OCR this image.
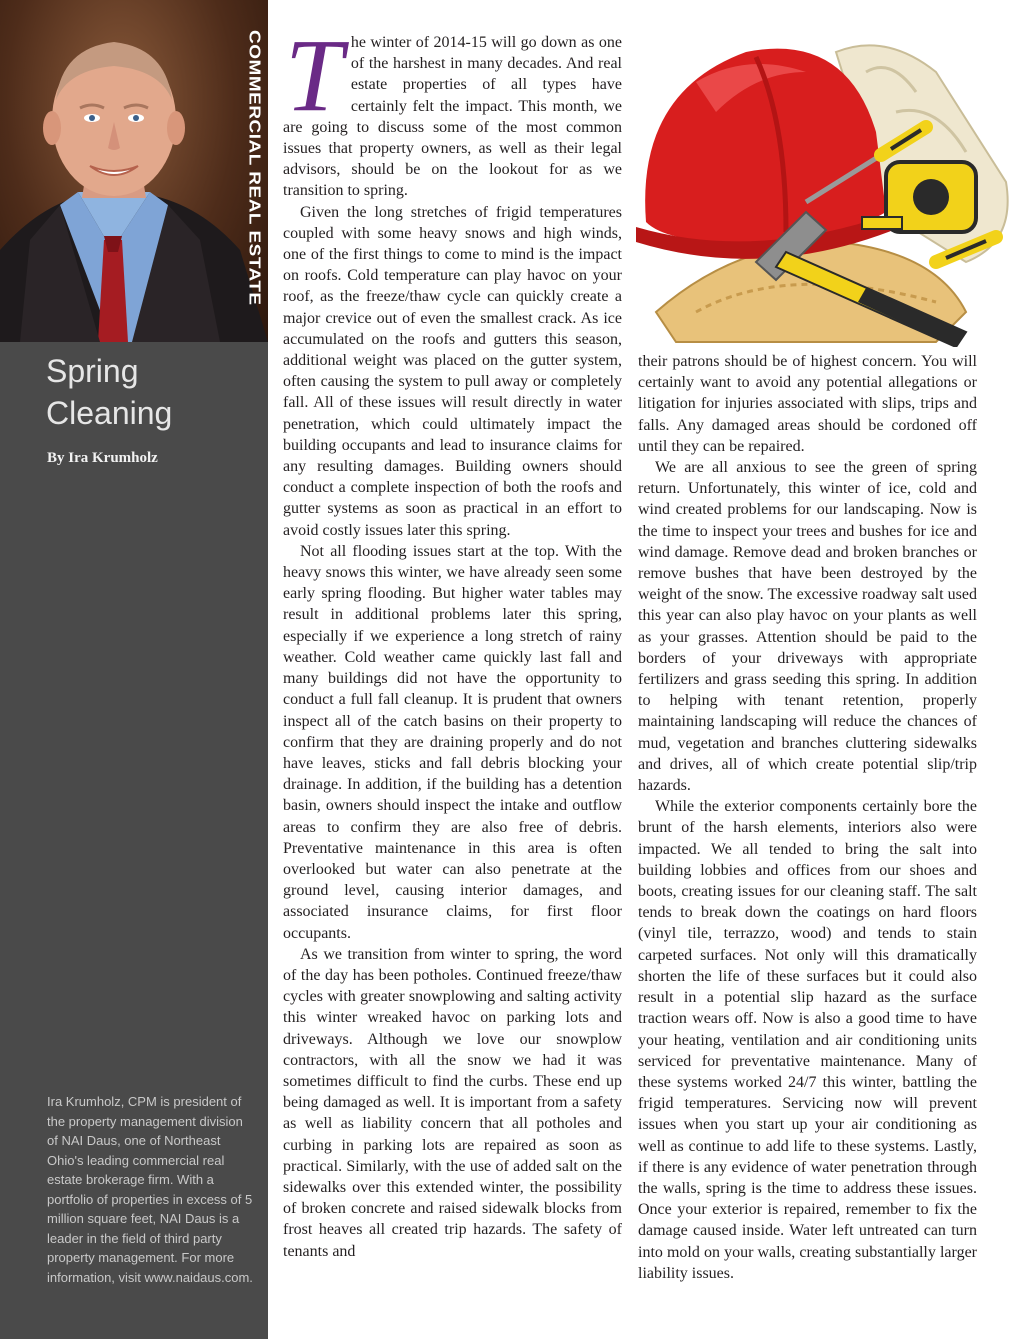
COMMERCIAL REAL ESTATE
Spring
Cleaning
By Ira Krumholz
Ira Krumholz, CPM is president of the property management division of NAI Daus, one of Northeast Ohio's leading commercial real estate brokerage firm. With a portfolio of properties in excess of 5 million square feet, NAI Daus is a leader in the field of third party property management. For more information, visit www.naidaus.com.

The winter of 2014-15 will go down as one of the harshest in many decades. And real estate properties of all types have certainly felt the impact. This month, we are going to discuss some of the most common issues that property owners, as well as their legal advisors, should be on the lookout for as we transition to spring.

Given the long stretches of frigid temperatures coupled with some heavy snows and high winds, one of the first things to come to mind is the impact on roofs. Cold temperature can play havoc on your roof, as the freeze/thaw cycle can quickly create a major crevice out of even the smallest crack. As ice accumulated on the roofs and gutters this season, additional weight was placed on the gutter system, often causing the system to pull away or completely fall. All of these issues will result directly in water penetration, which could ultimately impact the building occupants and lead to insurance claims for any resulting damages. Building owners should conduct a complete inspection of both the roofs and gutter systems as soon as practical in an effort to avoid costly issues later this spring.

Not all flooding issues start at the top. With the heavy snows this winter, we have already seen some early spring flooding. But higher water tables may result in additional problems later this spring, especially if we experience a long stretch of rainy weather. Cold weather came quickly last fall and many buildings did not have the opportunity to conduct a full fall cleanup. It is prudent that owners inspect all of the catch basins on their property to confirm that they are draining properly and do not have leaves, sticks and fall debris blocking your drainage. In addition, if the building has a detention basin, owners should inspect the intake and outflow areas to confirm they are also free of debris. Preventative maintenance in this area is often overlooked but water can also penetrate at the ground level, causing interior damages, and associated insurance claims, for first floor occupants.

As we transition from winter to spring, the word of the day has been potholes. Continued freeze/thaw cycles with greater snowplowing and salting activity this winter wreaked havoc on parking lots and driveways. Although we love our snowplow contractors, with all the snow we had it was sometimes difficult to find the curbs. These end up being damaged as well. It is important from a safety as well as liability concern that all potholes and curbing in parking lots are repaired as soon as practical. Similarly, with the use of added salt on the sidewalks over this extended winter, the possibility of broken concrete and raised sidewalk blocks from frost heaves all created trip hazards. The safety of tenants and

their patrons should be of highest concern. You will certainly want to avoid any potential allegations or litigation for injuries associated with slips, trips and falls. Any damaged areas should be cordoned off until they can be repaired.

We are all anxious to see the green of spring return. Unfortunately, this winter of ice, cold and wind created problems for our landscaping. Now is the time to inspect your trees and bushes for ice and wind damage. Remove dead and broken branches or remove bushes that have been destroyed by the weight of the snow. The excessive roadway salt used this year can also play havoc on your plants as well as your grasses. Attention should be paid to the borders of your driveways with appropriate fertilizers and grass seeding this spring. In addition to helping with tenant retention, properly maintaining landscaping will reduce the chances of mud, vegetation and branches cluttering sidewalks and drives, all of which create potential slip/trip hazards.

While the exterior components certainly bore the brunt of the harsh elements, interiors also were impacted. We all tended to bring the salt into building lobbies and offices from our shoes and boots, creating issues for our cleaning staff. The salt tends to break down the coatings on hard floors (vinyl tile, terrazzo, wood) and tends to stain carpeted surfaces. Not only will this dramatically shorten the life of these surfaces but it could also result in a potential slip hazard as the surface traction wears off. Now is also a good time to have your heating, ventilation and air conditioning units serviced for preventative maintenance. Many of these systems worked 24/7 this winter, battling the frigid temperatures. Servicing now will prevent issues when you start up your air conditioning as well as continue to add life to these systems. Lastly, if there is any evidence of water penetration through the walls, spring is the time to address these issues. Once your exterior is repaired, remember to fix the damage caused inside. Water left untreated can turn into mold on your walls, creating substantially larger liability issues.
